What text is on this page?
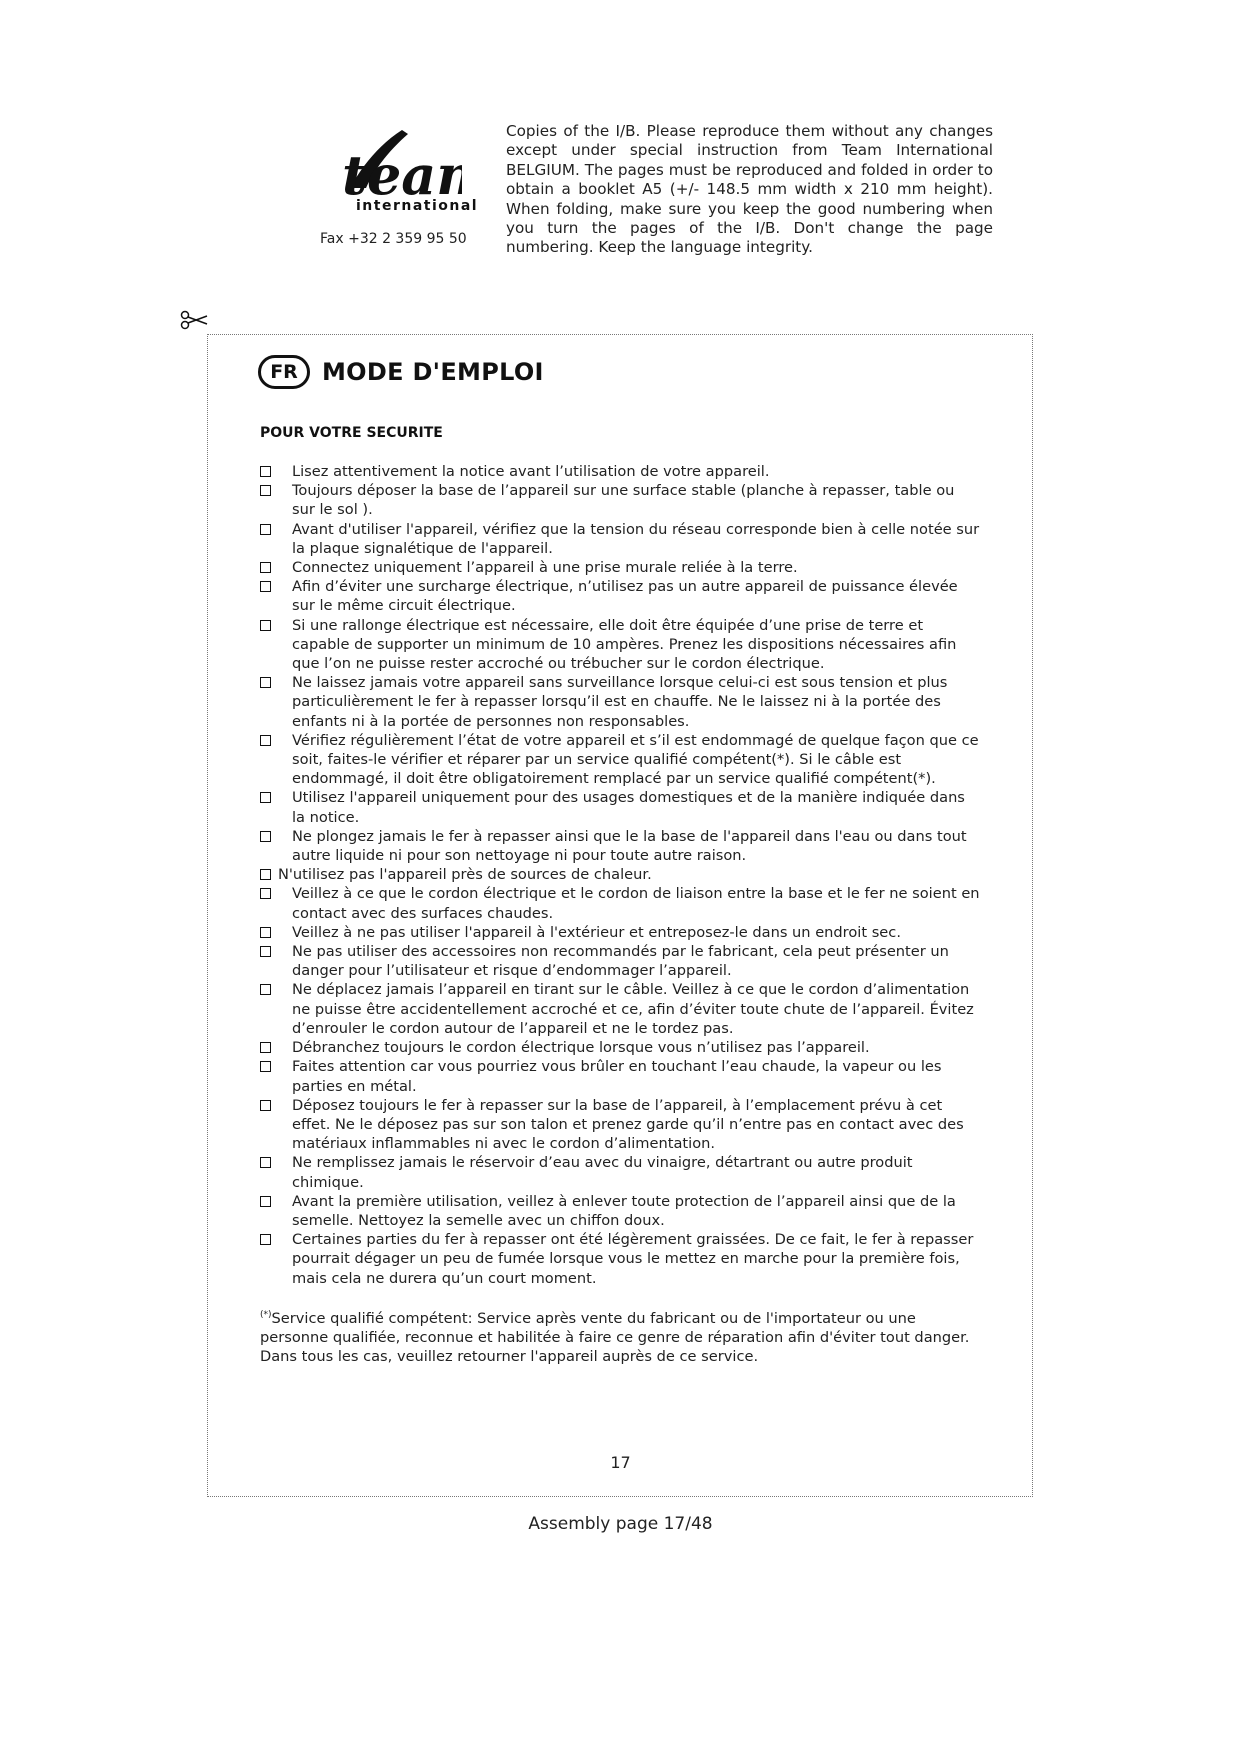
tea
international
Fax +32 2 359 95 50
Copies of the I/B. Please reproduce them without any changes except under special instruction from Team International BELGIUM. The pages must be reproduced and folded in order to obtain a booklet A5 (+/- 148.5 mm width x 210 mm height). When folding, make sure you keep the good numbering when you turn the pages of the I/B. Don't change the page numbering. Keep the language integrity.
FR	MODE D'EMPLOI
POUR VOTRE SECURITE
Lisez attentivement la notice avant l’utilisation de votre appareil.
Toujours déposer la base de l’appareil sur une surface stable (planche à repasser, table ou sur le sol ).
Avant d'utiliser l'appareil, vérifiez que la tension du réseau corresponde bien à celle notée sur la plaque signalétique de l'appareil.
Connectez uniquement l’appareil à une prise murale reliée à la terre.
Afin d’éviter une surcharge électrique, n’utilisez pas un autre appareil de puissance élevée sur le même circuit électrique.
Si une rallonge électrique est nécessaire, elle doit être équipée d’une prise de terre et capable de supporter un minimum de 10 ampères. Prenez les dispositions nécessaires afin que l’on ne puisse rester accroché ou trébucher sur le cordon électrique.
Ne laissez jamais votre appareil sans surveillance lorsque celui-ci est sous tension et plus particulièrement le fer à repasser lorsqu’il est en chauffe. Ne le laissez ni à la portée des enfants ni à la portée de personnes non responsables.
Vérifiez régulièrement l’état de votre appareil et s’il est endommagé de quelque façon que ce soit, faites-le vérifier et réparer par un service qualifié compétent(*). Si le câble est endommagé, il doit être obligatoirement remplacé par un service qualifié compétent(*).
Utilisez l'appareil uniquement pour des usages domestiques et de la manière indiquée dans la notice.
Ne plongez jamais le fer à repasser ainsi que le la base de l'appareil dans l'eau ou dans tout autre liquide ni pour son nettoyage ni pour toute autre raison.
N'utilisez pas l'appareil près de sources de chaleur.
Veillez à ce que le cordon électrique et le cordon de liaison entre la base et le fer ne soient en contact avec des surfaces chaudes.
Veillez à ne pas utiliser l'appareil à l'extérieur et entreposez-le dans un endroit sec.
Ne pas utiliser des accessoires non recommandés par le fabricant, cela peut présenter un danger pour l’utilisateur et risque d’endommager l’appareil.
Ne déplacez jamais l’appareil en tirant sur le câble. Veillez à ce que le cordon d’alimentation ne puisse être accidentellement accroché et ce, afin d’éviter toute chute de l’appareil. Évitez d’enrouler le cordon autour de l’appareil et ne le tordez pas.
Débranchez toujours le cordon électrique lorsque vous n’utilisez pas l’appareil.
Faites attention car vous pourriez vous brûler en touchant l’eau chaude, la vapeur ou les parties en métal.
Déposez toujours le fer à repasser sur la base de l’appareil, à l’emplacement prévu à cet effet. Ne le déposez pas sur son talon et prenez garde qu’il n’entre pas en contact avec des matériaux inflammables ni avec le cordon d’alimentation.
Ne remplissez jamais le réservoir d’eau avec du vinaigre, détartrant ou autre produit chimique.
Avant la première utilisation, veillez à enlever toute protection de l’appareil ainsi que de la semelle. Nettoyez la semelle avec un chiffon doux.
Certaines parties du fer à repasser ont été légèrement graissées. De ce fait, le fer à repasser pourrait dégager un peu de fumée lorsque vous le mettez en marche pour la première fois, mais cela ne durera qu’un court moment.
(*)Service qualifié compétent: Service après vente du fabricant ou de l'importateur ou une personne qualifiée, reconnue et habilitée à faire ce genre de réparation afin d'éviter tout danger. Dans tous les cas, veuillez retourner l'appareil auprès de ce service.
17
Assembly page 17/48
